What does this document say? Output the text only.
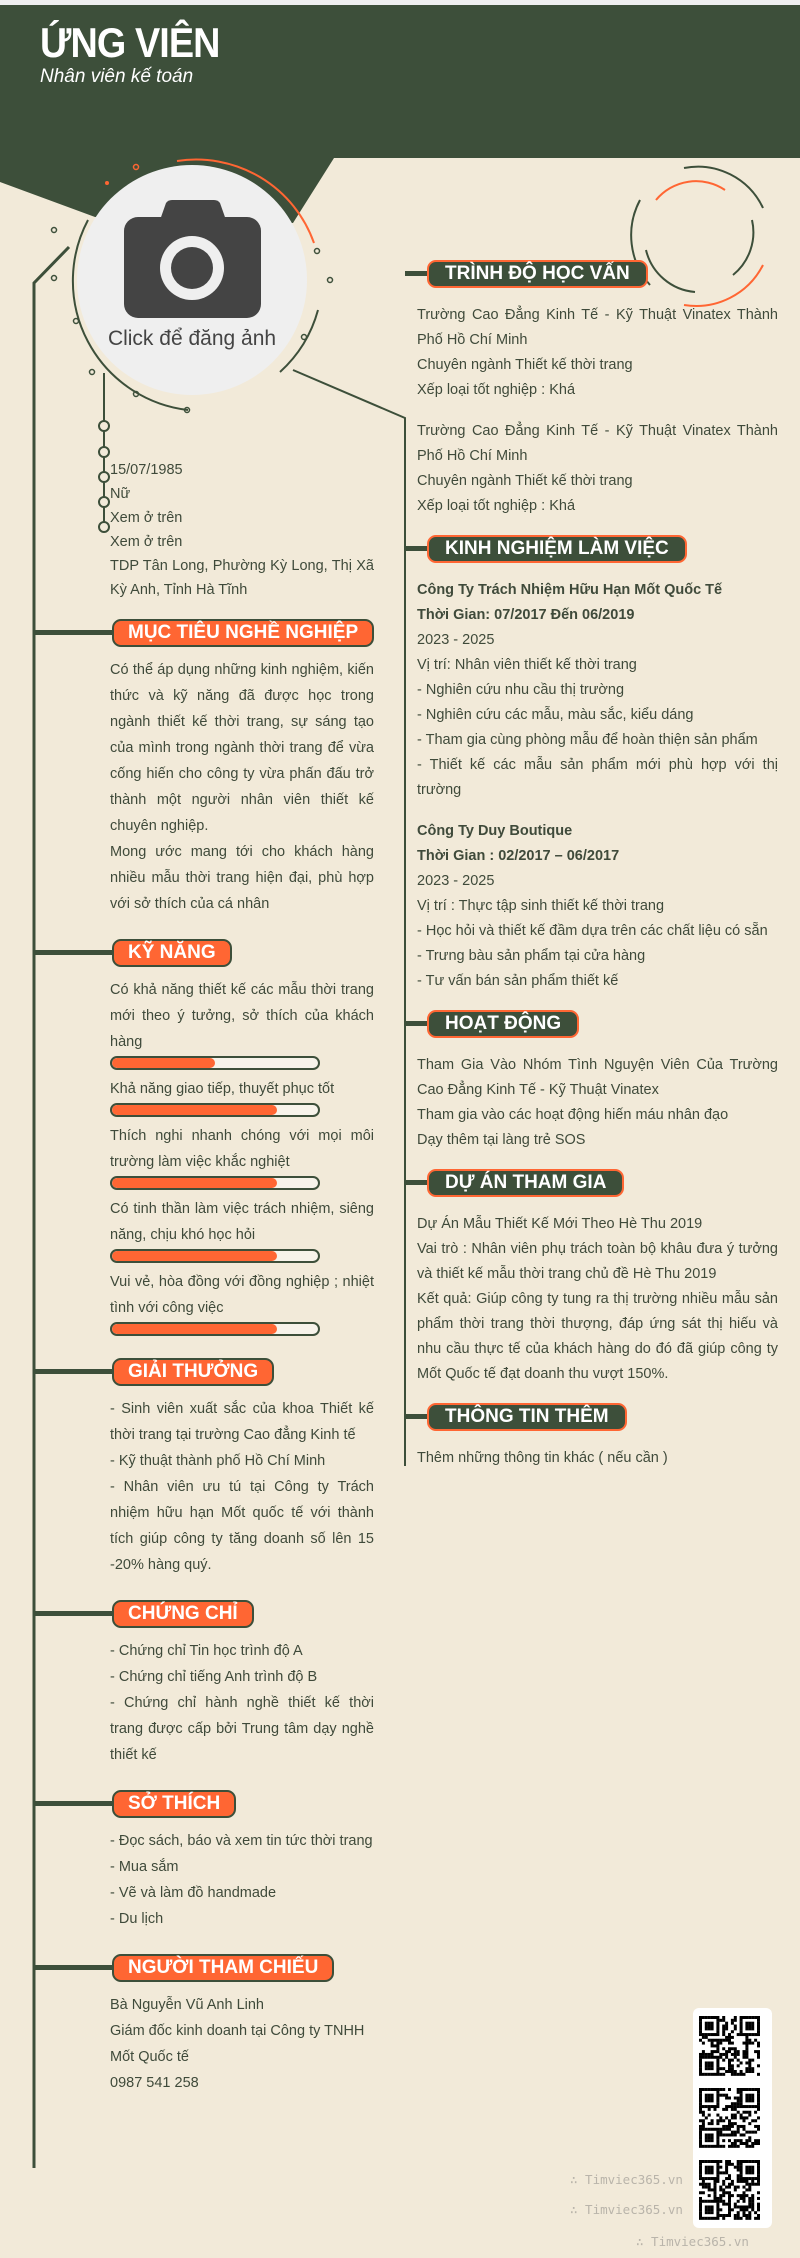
ỨNG VIÊN
Nhân viên kế toán
Click để đăng ảnh
15/07/1985
Nữ
Xem ở trên
Xem ở trên
TDP Tân Long, Phường Kỳ Long, Thị Xã Kỳ Anh, Tỉnh Hà Tĩnh
MỤC TIÊU NGHỀ NGHIỆP
Có thể áp dụng những kinh nghiệm, kiến thức và kỹ năng đã được học trong ngành thiết kế thời trang, sự sáng tạo của mình trong ngành thời trang để vừa cống hiến cho công ty vừa phấn đấu trở thành một người nhân viên thiết kế chuyên nghiệp.
Mong ước mang tới cho khách hàng nhiều mẫu thời trang hiện đại, phù hợp với sở thích của cá nhân
KỸ NĂNG
Có khả năng thiết kế các mẫu thời trang mới theo ý tưởng, sở thích của khách hàng
Khả năng giao tiếp, thuyết phục tốt
Thích nghi nhanh chóng với mọi môi trường làm việc khắc nghiệt
Có tinh thần làm việc trách nhiệm, siêng năng, chịu khó học hỏi
Vui vẻ, hòa đồng với đồng nghiệp ; nhiệt tình với công việc
GIẢI THƯỞNG
- Sinh viên xuất sắc của khoa Thiết kế thời trang tại trường Cao đẳng Kinh tế
- Kỹ thuật thành phố Hồ Chí Minh
- Nhân viên ưu tú tại Công ty Trách nhiệm hữu hạn Mốt quốc tế với thành tích giúp công ty tăng doanh số lên 15 -20% hàng quý.
CHỨNG CHỈ
- Chứng chỉ Tin học trình độ A
- Chứng chỉ tiếng Anh trình độ B
- Chứng chỉ hành nghề thiết kế thời trang được cấp bởi Trung tâm dạy nghề thiết kế
SỞ THÍCH
- Đọc sách, báo và xem tin tức thời trang
- Mua sắm
- Vẽ và làm đồ handmade
- Du lịch
NGƯỜI THAM CHIẾU
Bà Nguyễn Vũ Anh Linh
Giám đốc kinh doanh tại Công ty TNHH Mốt Quốc tế
0987 541 258
TRÌNH ĐỘ HỌC VẤN
Trường Cao Đẳng Kinh Tế - Kỹ Thuật Vinatex Thành Phố Hồ Chí Minh
Chuyên ngành Thiết kế thời trang
Xếp loại tốt nghiệp : Khá
Trường Cao Đẳng Kinh Tế - Kỹ Thuật Vinatex Thành Phố Hồ Chí Minh
Chuyên ngành Thiết kế thời trang
Xếp loại tốt nghiệp : Khá
KINH NGHIỆM LÀM VIỆC
Công Ty Trách Nhiệm Hữu Hạn Mốt Quốc Tế
Thời Gian: 07/2017 Đến 06/2019
2023 - 2025
Vị trí: Nhân viên thiết kế thời trang
- Nghiên cứu nhu cầu thị trường
- Nghiên cứu các mẫu, màu sắc, kiểu dáng
- Tham gia cùng phòng mẫu để hoàn thiện sản phẩm
- Thiết kế các mẫu sản phẩm mới phù hợp với thị trường
Công Ty Duy Boutique
Thời Gian : 02/2017 – 06/2017
2023 - 2025
Vị trí : Thực tập sinh thiết kế thời trang
- Học hỏi và thiết kế đầm dựa trên các chất liệu có sẵn
- Trưng bàu sản phẩm tại cửa hàng
- Tư vấn bán sản phẩm thiết kế
HOẠT ĐỘNG
Tham Gia Vào Nhóm Tình Nguyện Viên Của Trường Cao Đẳng Kinh Tế - Kỹ Thuật Vinatex
Tham gia vào các hoạt động hiến máu nhân đạo
Dạy thêm tại làng trẻ SOS
DỰ ÁN THAM GIA
Dự Án Mẫu Thiết Kế Mới Theo Hè Thu 2019
Vai trò : Nhân viên phụ trách toàn bộ khâu đưa ý tưởng và thiết kế mẫu thời trang chủ đề Hè Thu 2019
Kết quả: Giúp công ty tung ra thị trường nhiều mẫu sản phẩm thời trang thời thượng, đáp ứng sát thị hiếu và nhu cầu thực tế của khách hàng do đó đã giúp công ty Mốt Quốc tế đạt doanh thu vượt 150%.
THÔNG TIN THÊM
Thêm những thông tin khác ( nếu cần )
∴ Timviec365.vn
∴ Timviec365.vn
∴ Timviec365.vn
